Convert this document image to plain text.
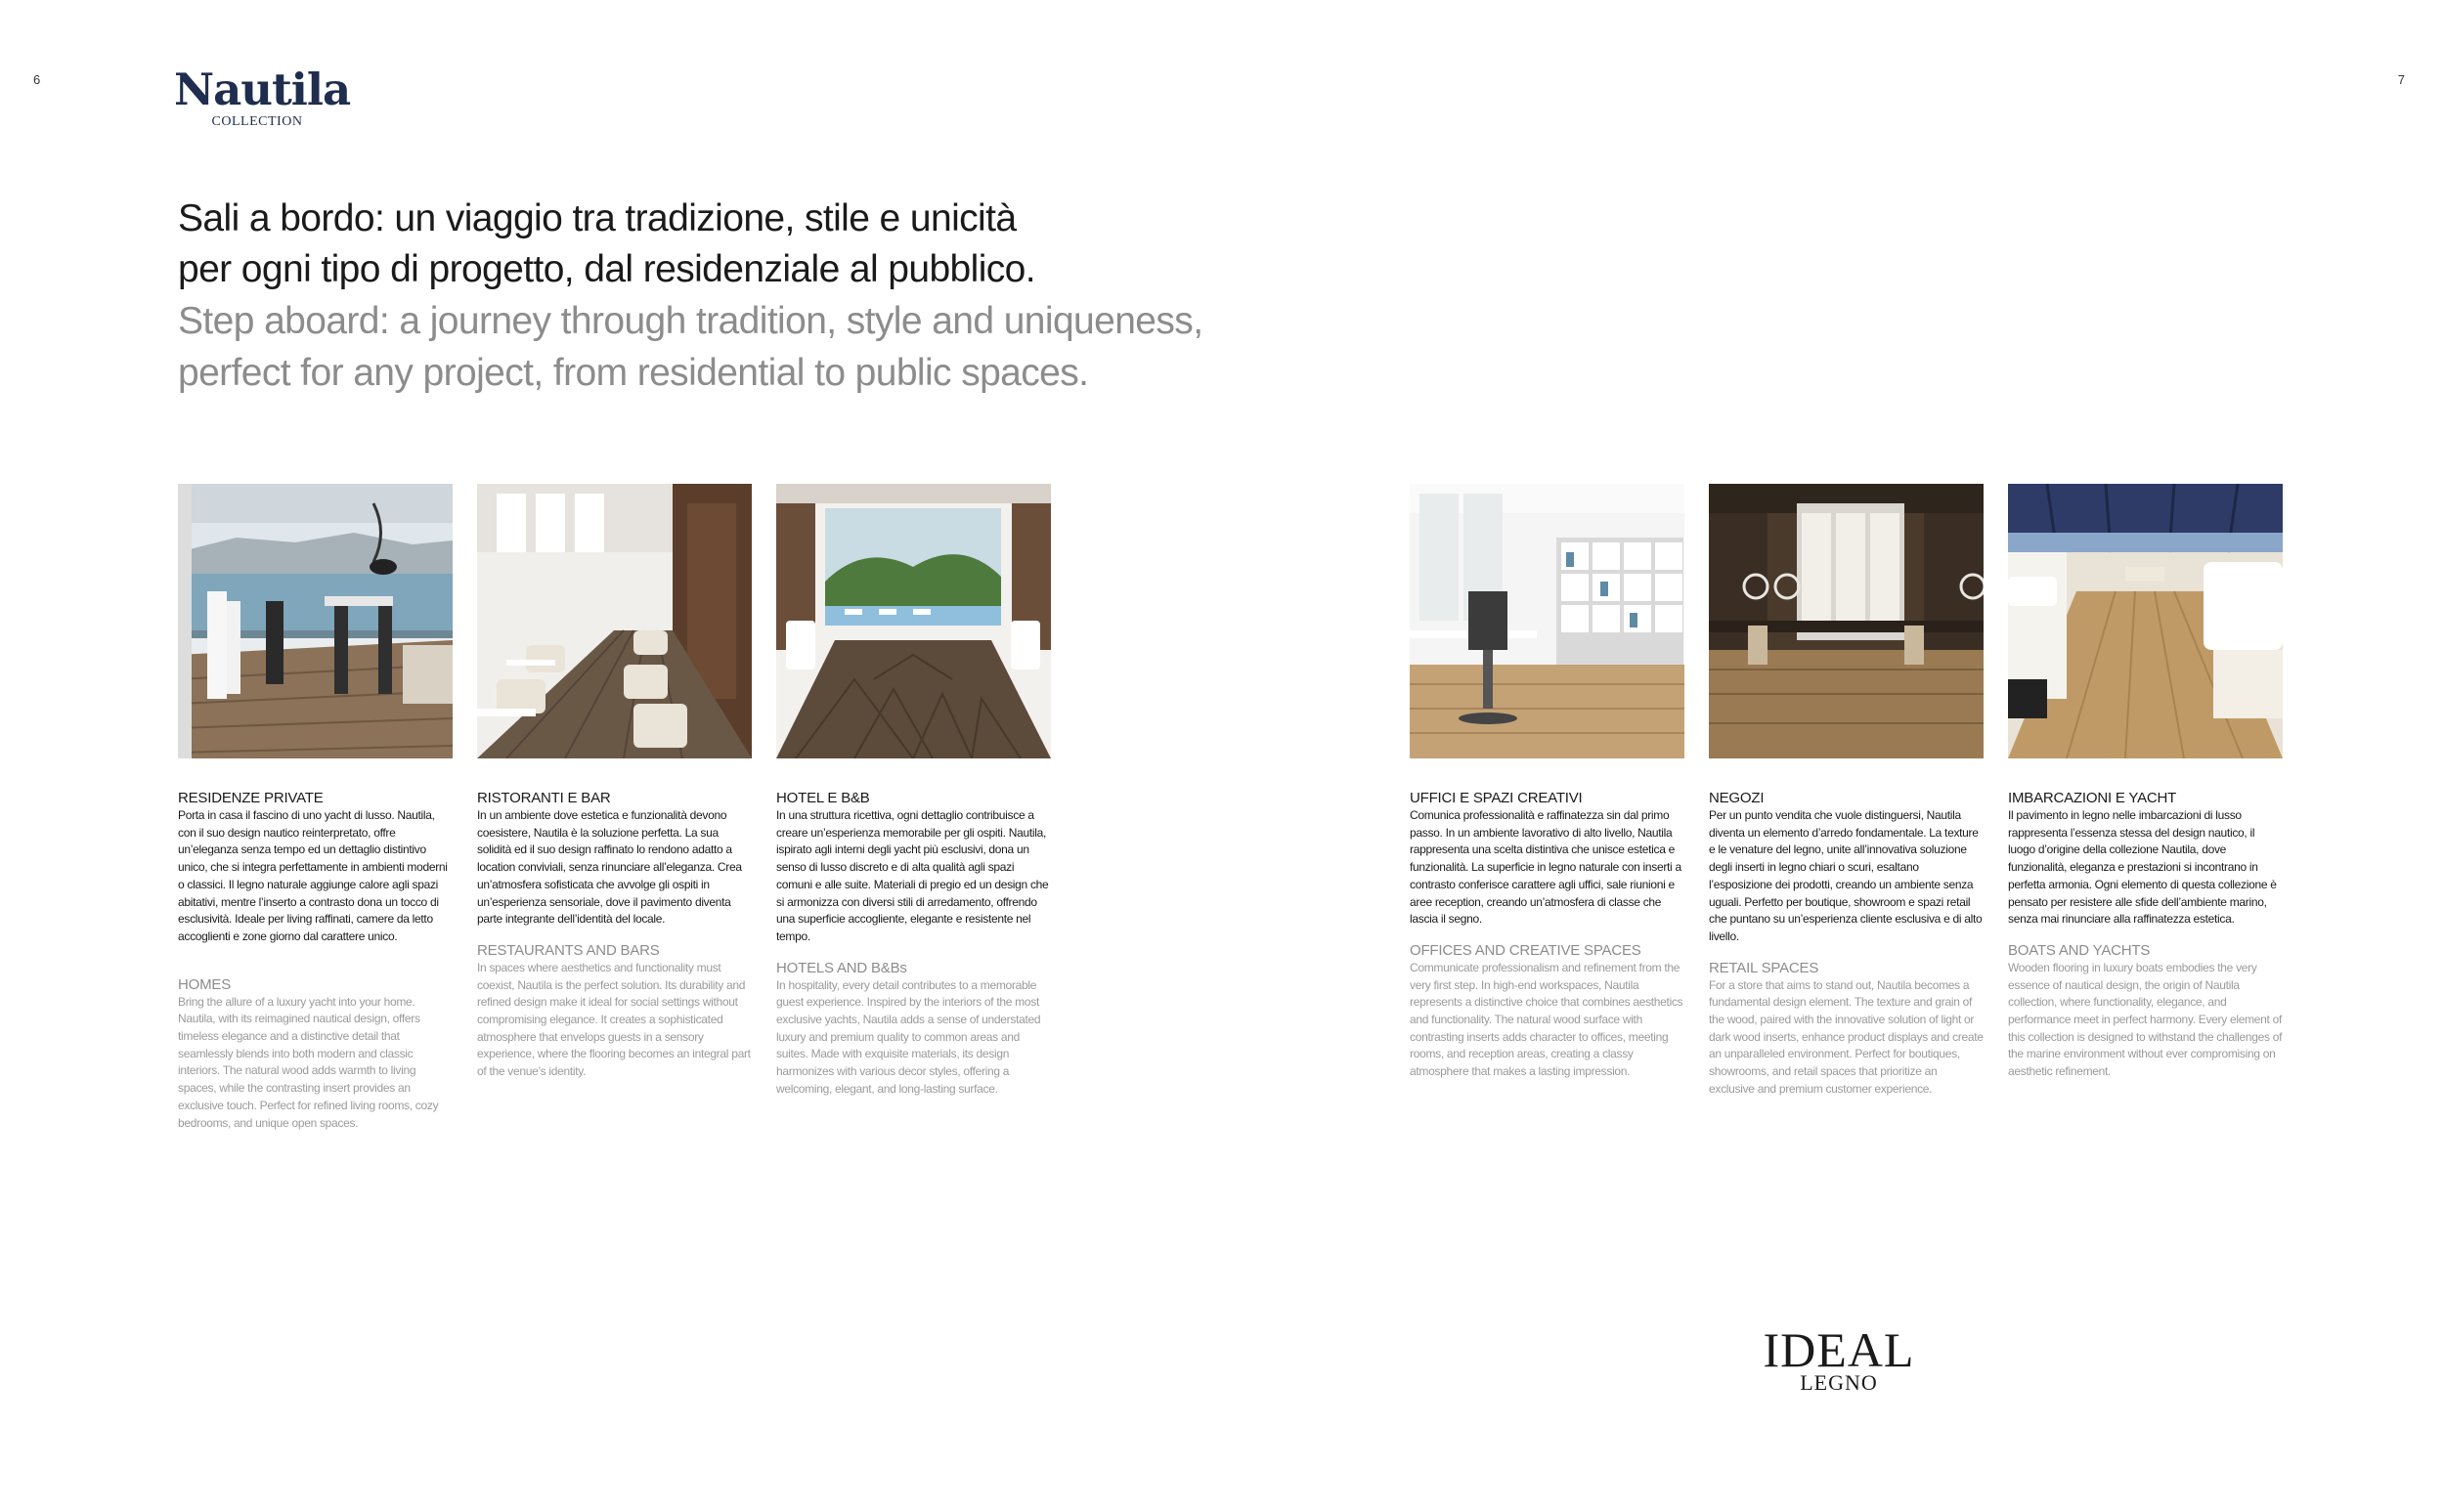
6	7
Nautila
COLLECTION
Sali a bordo: un viaggio tra tradizione, stile e unicità
per ogni tipo di progetto, dal residenziale al pubblico.
Step aboard: a journey through tradition, style and uniqueness,
perfect for any project, from residential to public spaces.
RESIDENZE PRIVATE
Porta in casa il fascino di uno yacht di lusso. Nautila, con il suo design nautico reinterpretato, offre un’eleganza senza tempo ed un dettaglio distintivo unico, che si integra perfettamente in ambienti moderni o classici. Il legno naturale aggiunge calore agli spazi abitativi, mentre l’inserto a contrasto dona un tocco di esclusività. Ideale per living raffinati, camere da letto accoglienti e zone giorno dal carattere unico.
HOMES
Bring the allure of a luxury yacht into your home. Nautila, with its reimagined nautical design, offers timeless elegance and a distinctive detail that seamlessly blends into both modern and classic interiors. The natural wood adds warmth to living spaces, while the contrasting insert provides an exclusive touch. Perfect for refined living rooms, cozy bedrooms, and unique open spaces.
RISTORANTI E BAR
In un ambiente dove estetica e funzionalità devono coesistere, Nautila è la soluzione perfetta. La sua solidità ed il suo design raffinato lo rendono adatto a location conviviali, senza rinunciare all’eleganza. Crea un’atmosfera sofisticata che avvolge gli ospiti in un’esperienza sensoriale, dove il pavimento diventa parte integrante dell’identità del locale.
RESTAURANTS AND BARS
In spaces where aesthetics and functionality must coexist, Nautila is the perfect solution. Its durability and refined design make it ideal for social settings without compromising elegance. It creates a sophisticated atmosphere that envelops guests in a sensory experience, where the flooring becomes an integral part of the venue’s identity.
HOTEL E B&B
In una struttura ricettiva, ogni dettaglio contribuisce a creare un’esperienza memorabile per gli ospiti. Nautila, ispirato agli interni degli yacht più esclusivi, dona un senso di lusso discreto e di alta qualità agli spazi comuni e alle suite. Materiali di pregio ed un design che si armonizza con diversi stili di arredamento, offrendo una superficie accogliente, elegante e resistente nel tempo.
HOTELS AND B&Bs
In hospitality, every detail contributes to a memorable guest experience. Inspired by the interiors of the most exclusive yachts, Nautila adds a sense of understated luxury and premium quality to common areas and suites. Made with exquisite materials, its design harmonizes with various decor styles, offering a welcoming, elegant, and long-lasting surface.
UFFICI E SPAZI CREATIVI
Comunica professionalità e raffinatezza sin dal primo passo. In un ambiente lavorativo di alto livello, Nautila rappresenta una scelta distintiva che unisce estetica e funzionalità. La superficie in legno naturale con inserti a contrasto conferisce carattere agli uffici, sale riunioni e aree reception, creando un’atmosfera di classe che lascia il segno.
OFFICES AND CREATIVE SPACES
Communicate professionalism and refinement from the very first step. In high-end workspaces, Nautila represents a distinctive choice that combines aesthetics and functionality. The natural wood surface with contrasting inserts adds character to offices, meeting rooms, and reception areas, creating a classy atmosphere that makes a lasting impression.
NEGOZI
Per un punto vendita che vuole distinguersi, Nautila diventa un elemento d’arredo fondamentale. La texture e le venature del legno, unite all’innovativa soluzione degli inserti in legno chiari o scuri, esaltano l’esposizione dei prodotti, creando un ambiente senza uguali. Perfetto per boutique, showroom e spazi retail che puntano su un’esperienza cliente esclusiva e di alto livello.
RETAIL SPACES
For a store that aims to stand out, Nautila becomes a fundamental design element. The texture and grain of the wood, paired with the innovative solution of light or dark wood inserts, enhance product displays and create an unparalleled environment. Perfect for boutiques, showrooms, and retail spaces that prioritize an exclusive and premium customer experience.
IMBARCAZIONI E YACHT
Il pavimento in legno nelle imbarcazioni di lusso rappresenta l’essenza stessa del design nautico, il luogo d’origine della collezione Nautila, dove funzionalità, eleganza e prestazioni si incontrano in perfetta armonia. Ogni elemento di questa collezione è pensato per resistere alle sfide dell’ambiente marino, senza mai rinunciare alla raffinatezza estetica.
BOATS AND YACHTS
Wooden flooring in luxury boats embodies the very essence of nautical design, the origin of Nautila collection, where functionality, elegance, and performance meet in perfect harmony. Every element of this collection is designed to withstand the challenges of the marine environment without ever compromising on aesthetic refinement.
IDEAL
LEGNO
